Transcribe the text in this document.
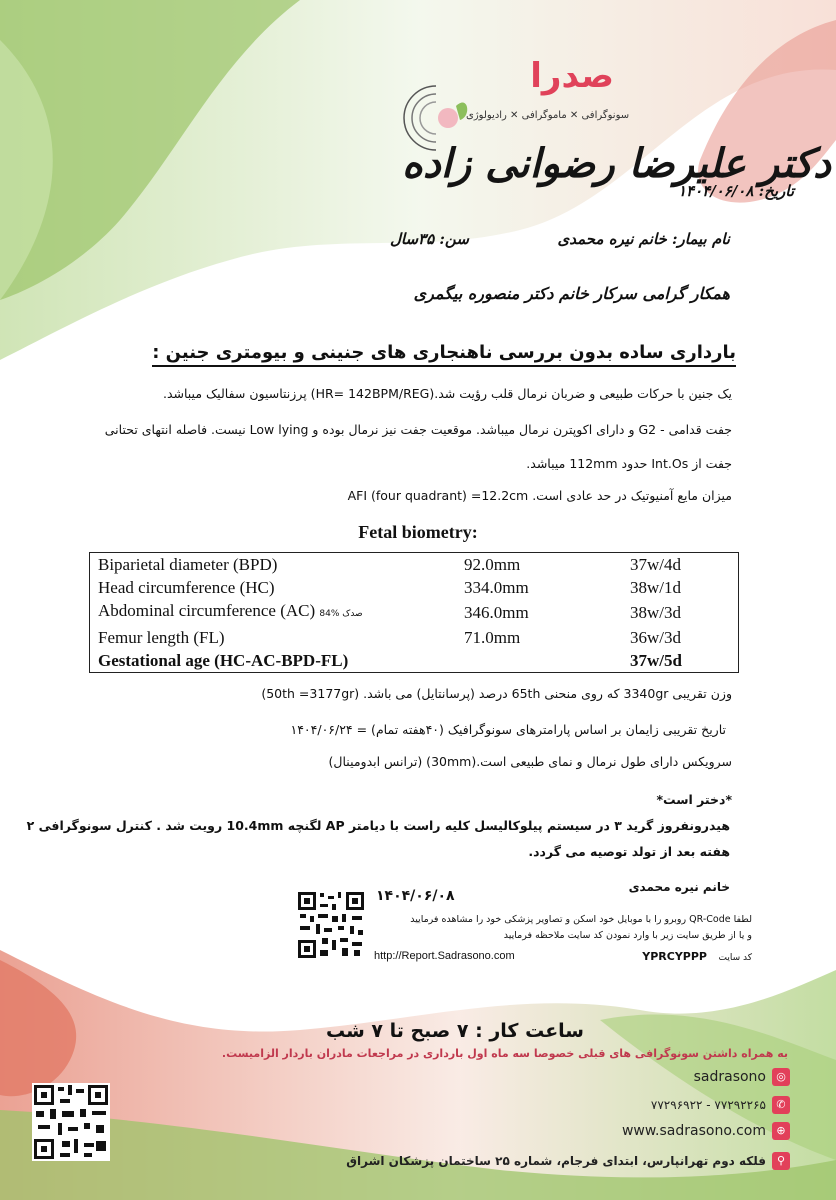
صدرا
سونوگرافی ✕ ماموگرافی ✕ رادیولوژی
دکتر علیرضا رضوانی زاده
تاریخ: ۱۴۰۴/۰۶/۰۸
نام بیمار: خانم نیره محمدی
سن: ۳۵سال
همکار گرامی سرکار خانم دکتر منصوره بیگمری
بارداری ساده بدون بررسی ناهنجاری های جنینی و بیومتری جنین :
یک جنین با حرکات طبیعی و ضربان نرمال قلب رؤیت شد.(HR= 142BPM/REG) پرزنتاسیون سفالیک میباشد.
جفت قدامی - G2 و دارای اکوپترن نرمال میباشد. موقعیت جفت نیز نرمال بوده و Low lying نیست. فاصله انتهای تحتانی
جفت از Int.Os حدود 112mm میباشد.
میزان مایع آمنیوتیک در حد عادی است. AFI (four quadrant) =12.2cm
Fetal biometry:
Biparietal diameter (BPD)	92.0mm	37w/4d
Head circumference (HC)	334.0mm	38w/1d
Abdominal circumference (AC) 84% صدک	346.0mm	38w/3d
Femur length (FL)	71.0mm	36w/3d
Gestational age (HC-AC-BPD-FL)		37w/5d
وزن تقریبی 3340gr که روی منحنی 65th درصد (پرسانتایل) می باشد. (50th =3177gr)
تاریخ تقریبی زایمان بر اساس پارامترهای سونوگرافیک (۴۰هفته تمام) = ۱۴۰۴/۰۶/۲۴
سرویکس دارای طول نرمال و نمای طبیعی است.(30mm) (ترانس ابدومینال)
*دختر است*
هیدرونفروز گرید ۳ در سیستم پیلوکالیسل کلیه راست با دیامتر AP لگنچه 10.4mm رویت شد . کنترل سونوگرافی ۲
هفته بعد از تولد توصیه می گردد.
خانم نیره محمدی
۱۴۰۴/۰۶/۰۸
لطفا QR-Code روبرو را با موبایل خود اسکن و تصاویر پزشکی خود را مشاهده فرمایید
و یا از طریق سایت زیر با وارد نمودن کد سایت ملاحظه فرمایید
کد سایت YPRCYPPP
http://Report.Sadrasono.com
ساعت کار : ۷ صبح تا ۷ شب
به همراه داشتن سونوگرافی های قبلی خصوصا سه ماه اول بارداری در مراجعات مادران باردار الزامیست.
sadrasono ◎
۷۷۲۹۶۹۲۲ - ۷۷۲۹۲۲۶۵ ✆
www.sadrasono.com ⊕
فلکه دوم تهرانپارس، ابتدای فرجام، شماره ۲۵ ساختمان پزشکان اشراق ⚲
